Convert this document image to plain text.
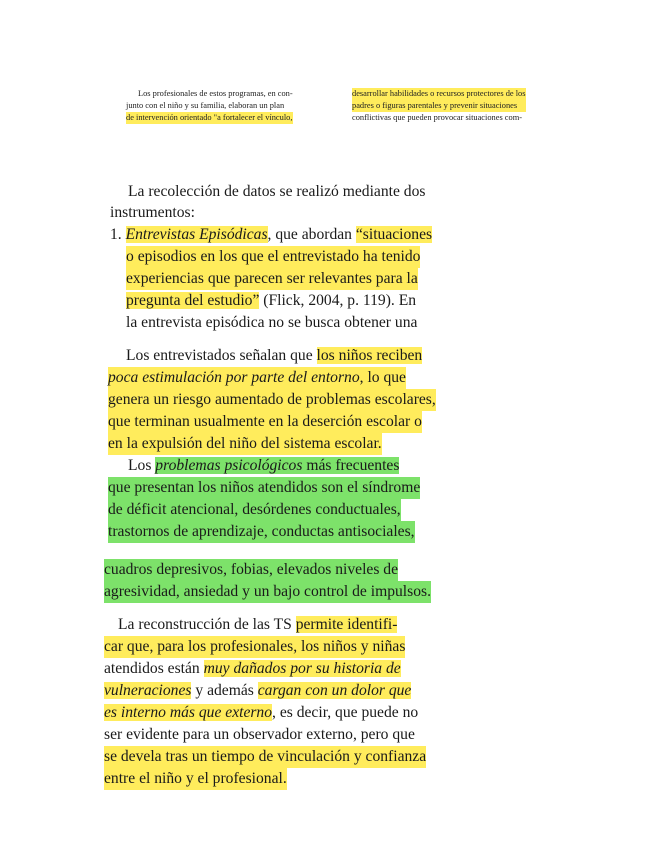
Los profesionales de estos programas, en con-
junto con el niño y su familia, elaboran un plan
de intervención orientado "a fortalecer el vínculo,
desarrollar habilidades o recursos protectores de los
padres o figuras parentales y prevenir situaciones
conflictivas que pueden provocar situaciones com-
La recolección de datos se realizó mediante dos
instrumentos:
1. Entrevistas Episódicas, que abordan “situaciones
o episodios en los que el entrevistado ha tenido
experiencias que parecen ser relevantes para la
pregunta del estudio” (Flick, 2004, p. 119). En
la entrevista episódica no se busca obtener una
Los entrevistados señalan que los niños reciben
poca estimulación por parte del entorno, lo que
genera un riesgo aumentado de problemas escolares,
que terminan usualmente en la deserción escolar o
en la expulsión del niño del sistema escolar.
Los problemas psicológicos más frecuentes
que presentan los niños atendidos son el síndrome
de déficit atencional, desórdenes conductuales,
trastornos de aprendizaje, conductas antisociales,
cuadros depresivos, fobias, elevados niveles de
agresividad, ansiedad y un bajo control de impulsos.
La reconstrucción de las TS permite identifi-
car que, para los profesionales, los niños y niñas
atendidos están muy dañados por su historia de
vulneraciones y además cargan con un dolor que
es interno más que externo, es decir, que puede no
ser evidente para un observador externo, pero que
se devela tras un tiempo de vinculación y confianza
entre el niño y el profesional.
